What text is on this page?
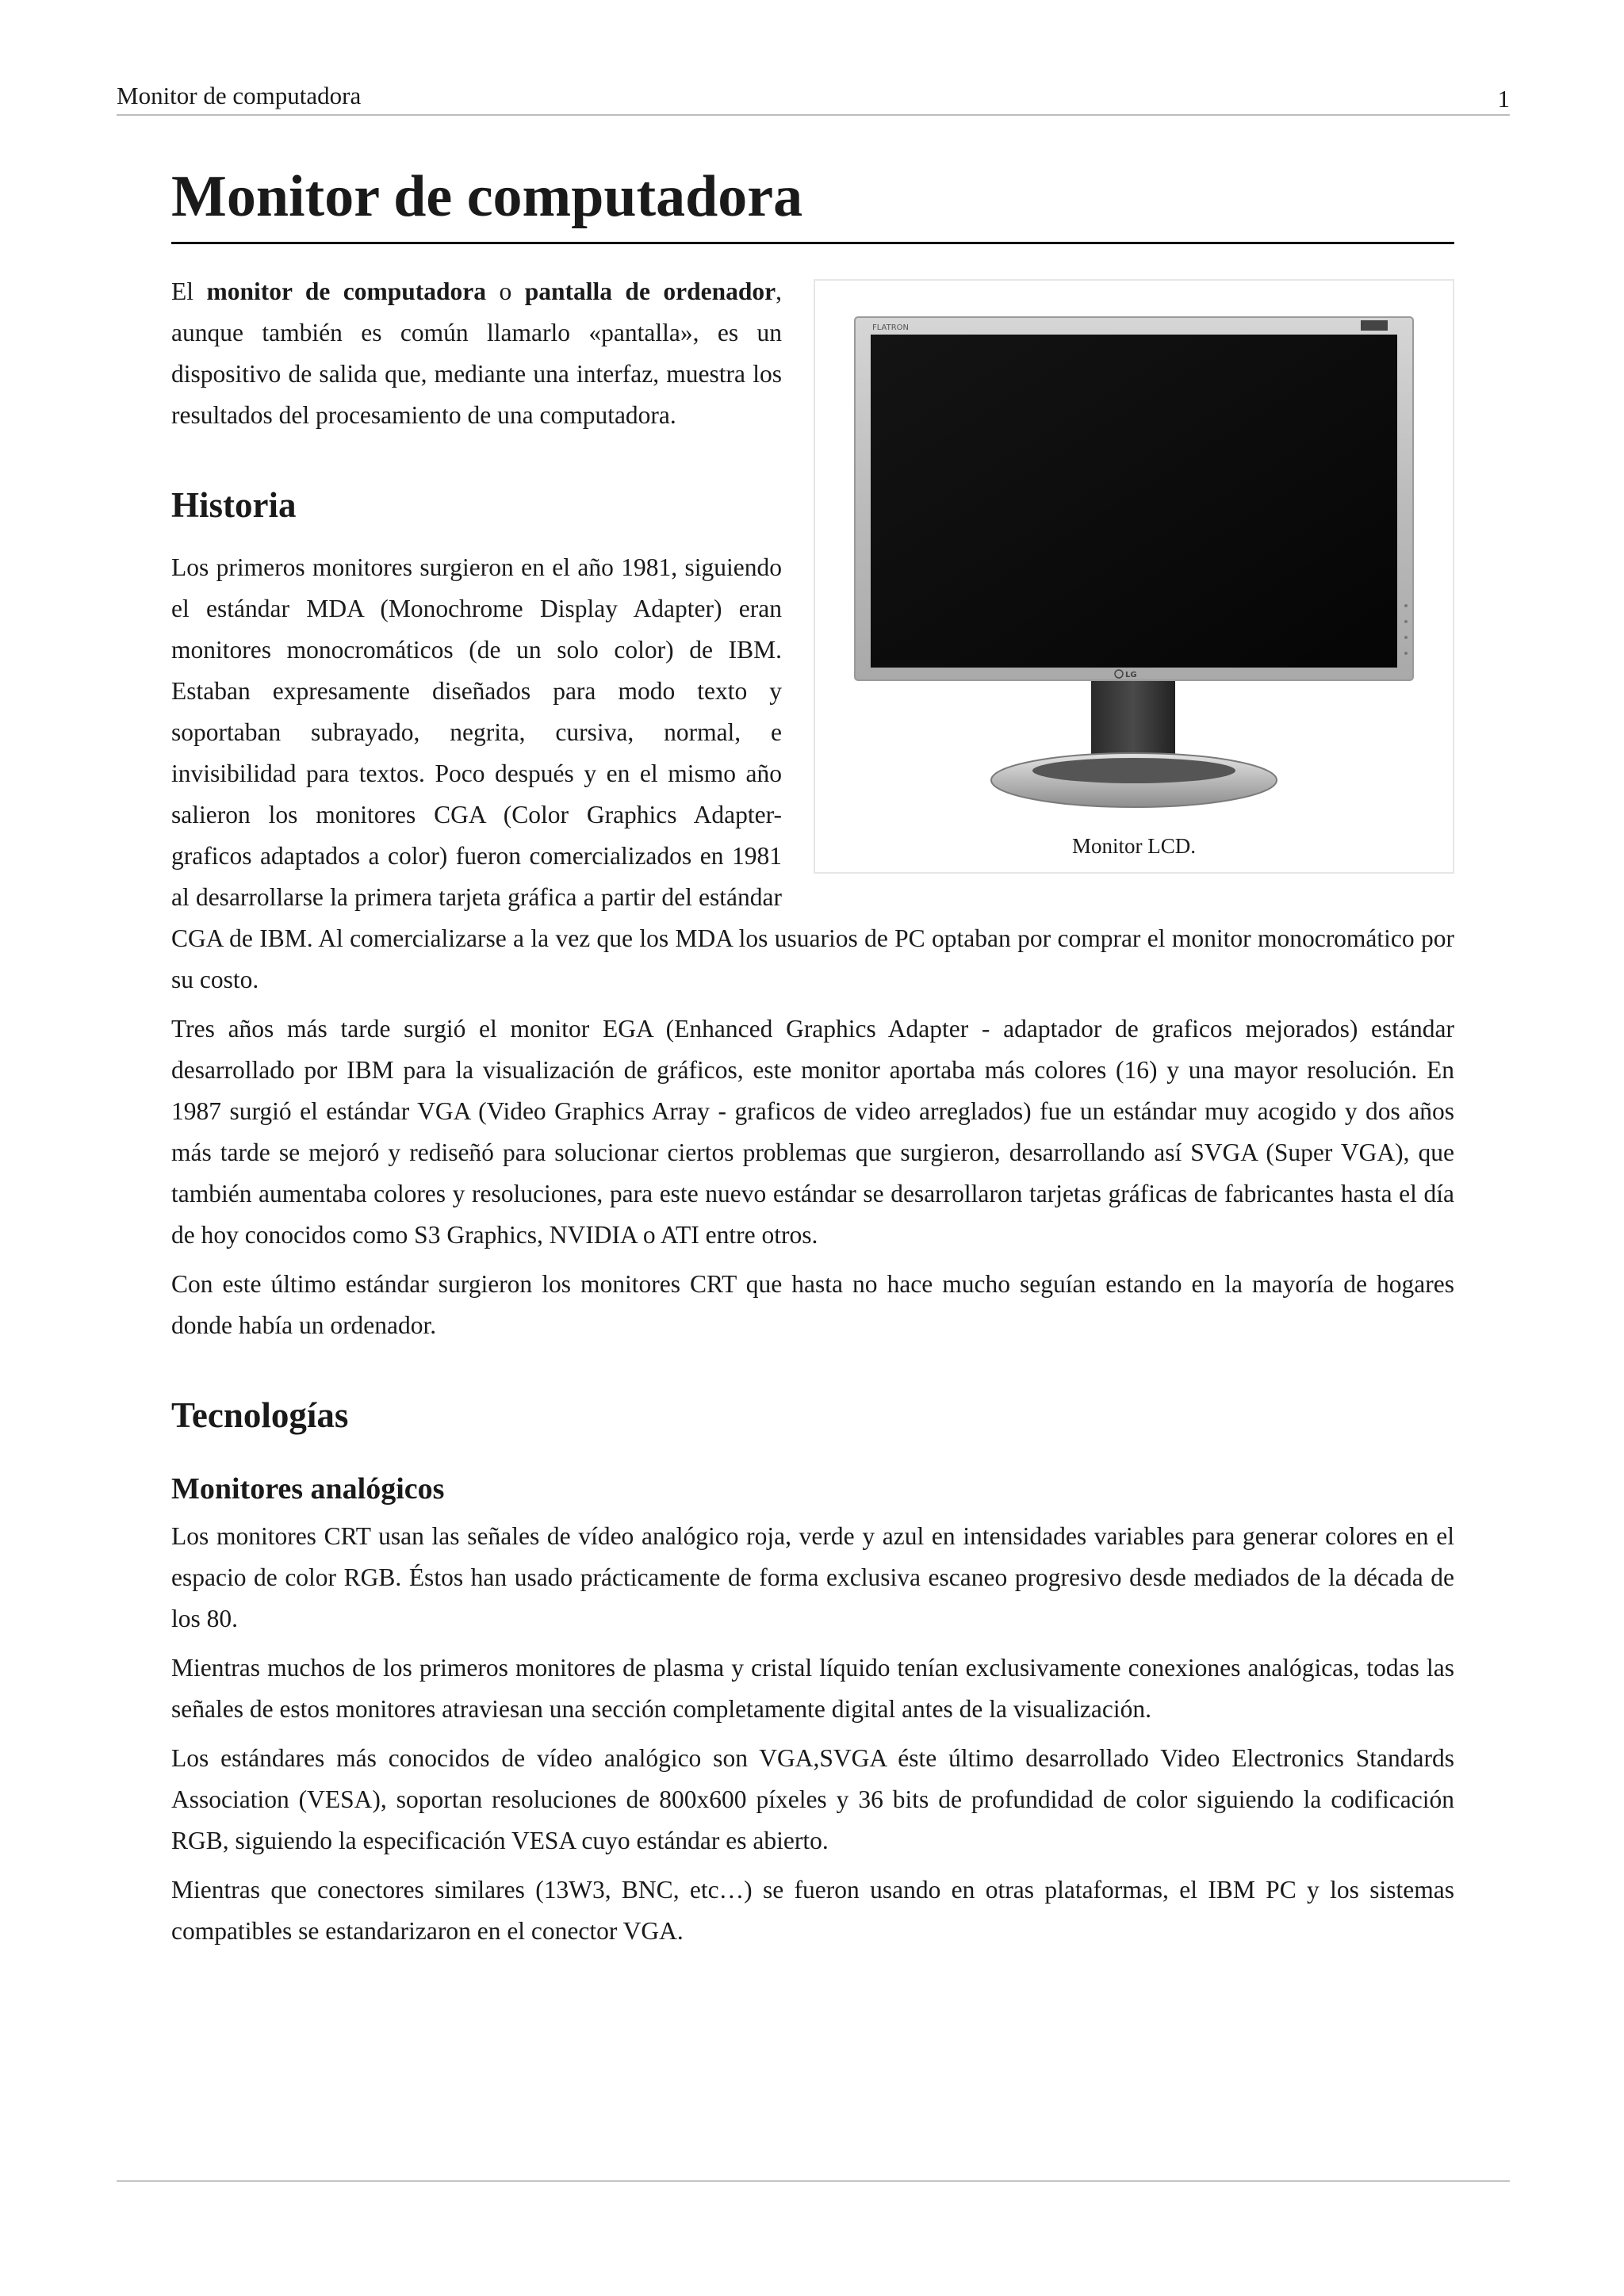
Monitor de computadora	1
Monitor de computadora
FLATRON
LG
Monitor LCD.

El monitor de computadora o pantalla de ordenador, aunque también es común llamarlo «pantalla», es un dispositivo de salida que, mediante una interfaz, muestra los resultados del procesamiento de una computadora.

Historia

Los primeros monitores surgieron en el año 1981, siguiendo el estándar MDA (Monochrome Display Adapter) eran monitores monocromáticos (de un solo color) de IBM. Estaban expresamente diseñados para modo texto y soportaban subrayado, negrita, cursiva, normal, e invisibilidad para textos. Poco después y en el mismo año salieron los monitores CGA (Color Graphics Adapter-graficos adaptados a color) fueron comercializados en 1981 al desarrollarse la primera tarjeta gráfica a partir del estándar CGA de IBM. Al comercializarse a la vez que los MDA los usuarios de PC optaban por comprar el monitor monocromático por su costo.

Tres años más tarde surgió el monitor EGA (Enhanced Graphics Adapter - adaptador de graficos mejorados) estándar desarrollado por IBM para la visualización de gráficos, este monitor aportaba más colores (16) y una mayor resolución. En 1987 surgió el estándar VGA (Video Graphics Array - graficos de video arreglados) fue un estándar muy acogido y dos años más tarde se mejoró y rediseñó para solucionar ciertos problemas que surgieron, desarrollando así SVGA (Super VGA), que también aumentaba colores y resoluciones, para este nuevo estándar se desarrollaron tarjetas gráficas de fabricantes hasta el día de hoy conocidos como S3 Graphics, NVIDIA o ATI entre otros.

Con este último estándar surgieron los monitores CRT que hasta no hace mucho seguían estando en la mayoría de hogares donde había un ordenador.

Tecnologías
Monitores analógicos

Los monitores CRT usan las señales de vídeo analógico roja, verde y azul en intensidades variables para generar colores en el espacio de color RGB. Éstos han usado prácticamente de forma exclusiva escaneo progresivo desde mediados de la década de los 80.

Mientras muchos de los primeros monitores de plasma y cristal líquido tenían exclusivamente conexiones analógicas, todas las señales de estos monitores atraviesan una sección completamente digital antes de la visualización.

Los estándares más conocidos de vídeo analógico son VGA,SVGA éste último desarrollado Video Electronics Standards Association (VESA), soportan resoluciones de 800x600 píxeles y 36 bits de profundidad de color siguiendo la codificación RGB, siguiendo la especificación VESA cuyo estándar es abierto.

Mientras que conectores similares (13W3, BNC, etc…) se fueron usando en otras plataformas, el IBM PC y los sistemas compatibles se estandarizaron en el conector VGA.
